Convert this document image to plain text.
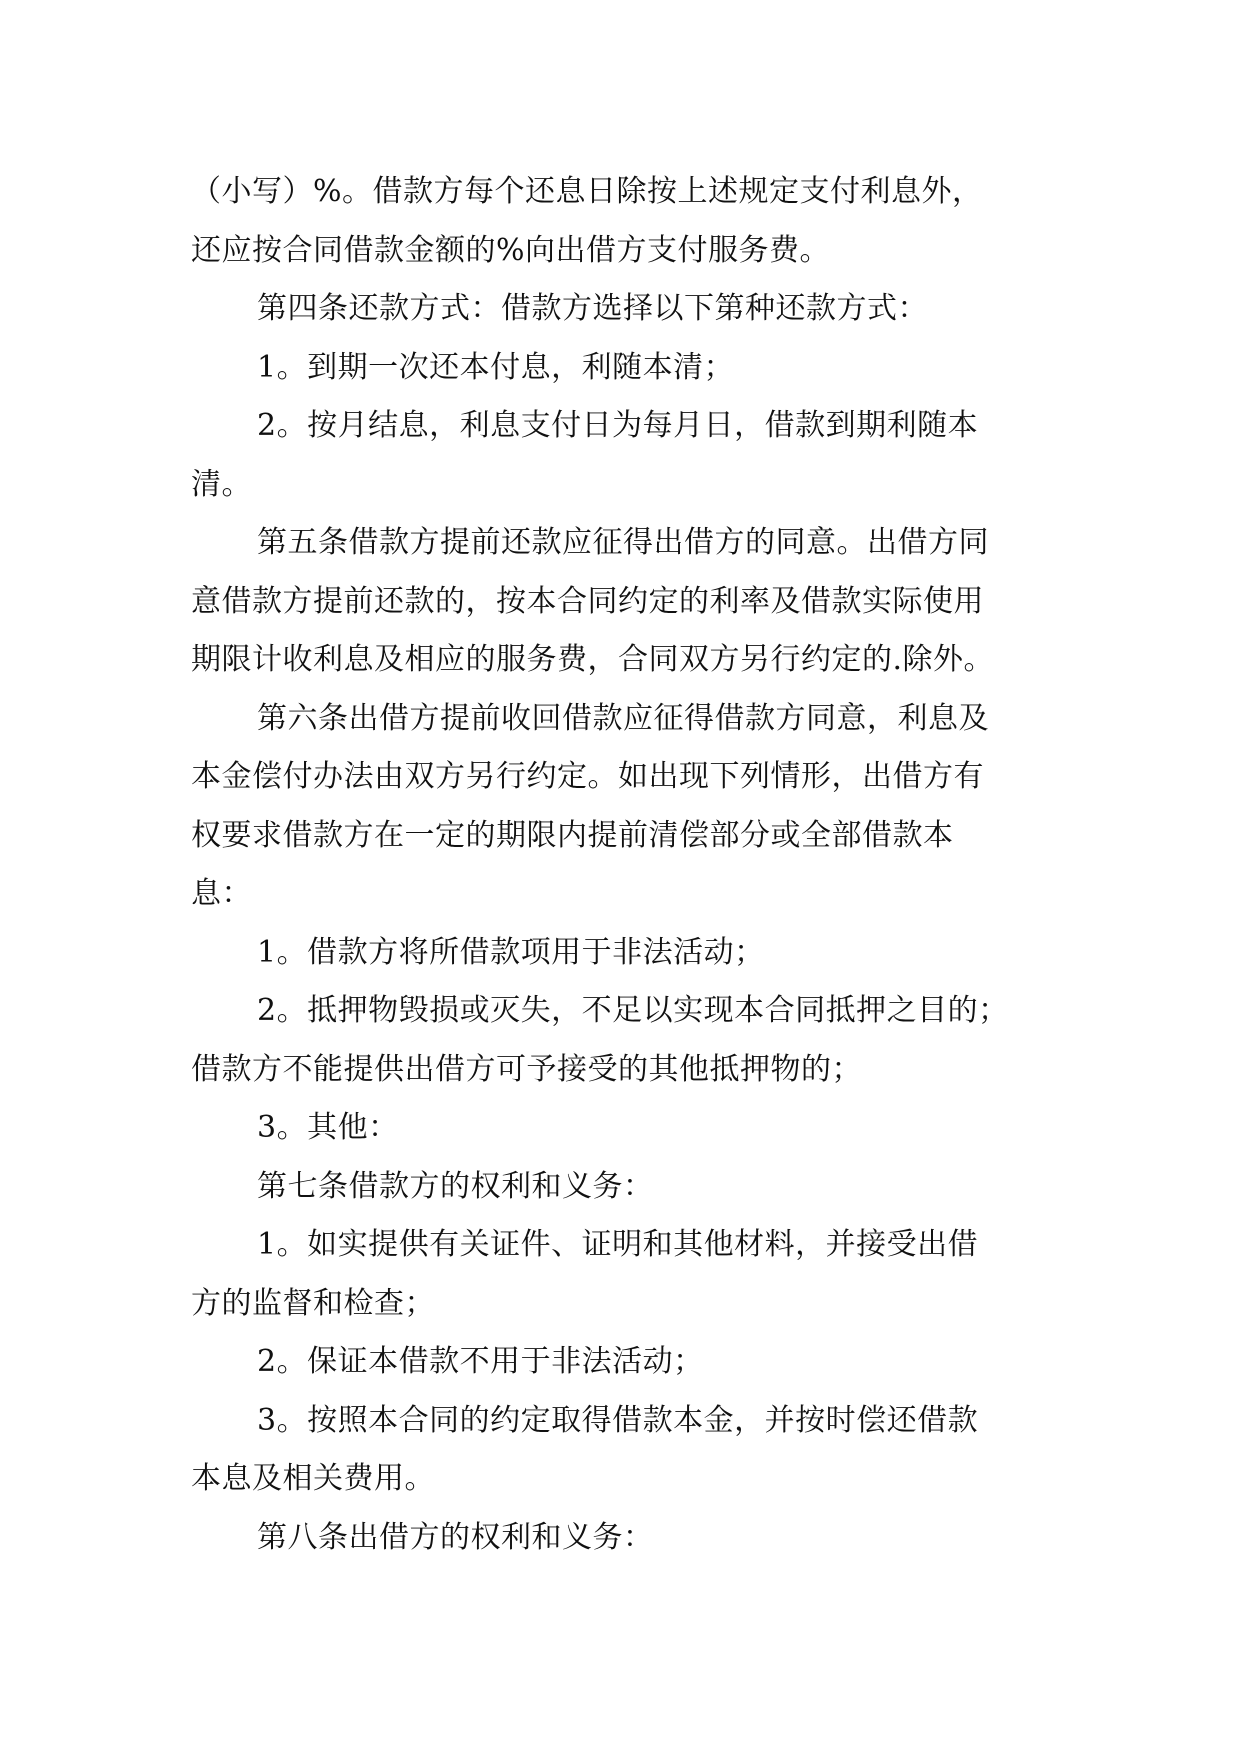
（小写）%。借款方每个还息日除按上述规定支付利息外，
还应按合同借款金额的%向出借方支付服务费。
第四条还款方式：借款方选择以下第种还款方式：
1。到期一次还本付息，利随本清；
2。按月结息，利息支付日为每月日，借款到期利随本
清。
第五条借款方提前还款应征得出借方的同意。出借方同
意借款方提前还款的，按本合同约定的利率及借款实际使用
期限计收利息及相应的服务费，合同双方另行约定的.除外。
第六条出借方提前收回借款应征得借款方同意，利息及
本金偿付办法由双方另行约定。如出现下列情形，出借方有
权要求借款方在一定的期限内提前清偿部分或全部借款本
息：
1。借款方将所借款项用于非法活动；
2。抵押物毁损或灭失，不足以实现本合同抵押之目的；
借款方不能提供出借方可予接受的其他抵押物的；
3。其他：
第七条借款方的权利和义务：
1。如实提供有关证件、证明和其他材料，并接受出借
方的监督和检查；
2。保证本借款不用于非法活动；
3。按照本合同的约定取得借款本金，并按时偿还借款
本息及相关费用。
第八条出借方的权利和义务：
